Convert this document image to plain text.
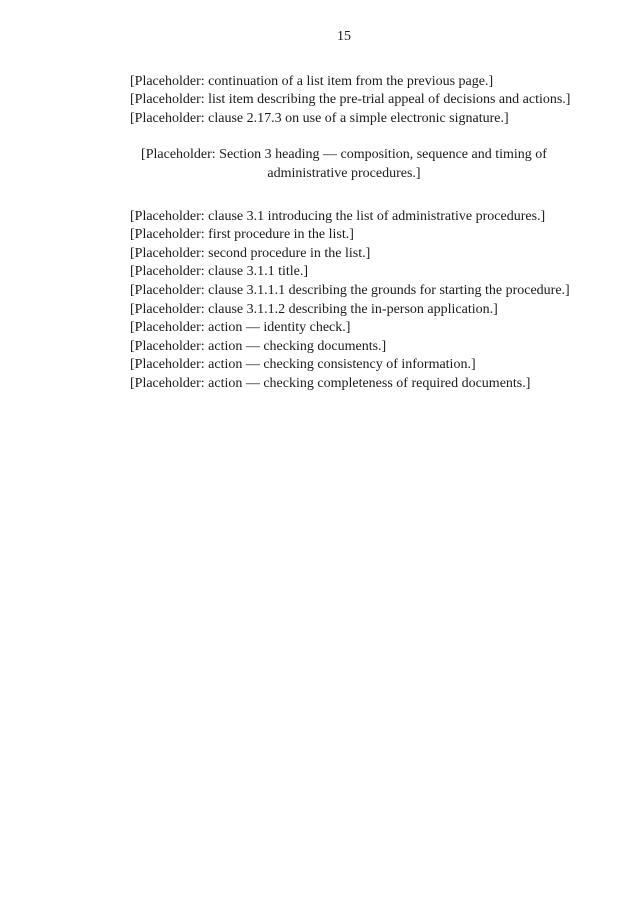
15

[Placeholder: continuation of a list item from the previous page.]

[Placeholder: list item describing the pre-trial appeal of decisions and actions.]

[Placeholder: clause 2.17.3 on use of a simple electronic signature.]

[Placeholder: Section 3 heading — composition, sequence and timing of administrative procedures.]

[Placeholder: clause 3.1 introducing the list of administrative procedures.]

[Placeholder: first procedure in the list.]

[Placeholder: second procedure in the list.]

[Placeholder: clause 3.1.1 title.]

[Placeholder: clause 3.1.1.1 describing the grounds for starting the procedure.]

[Placeholder: clause 3.1.1.2 describing the in-person application.]

[Placeholder: action — identity check.]

[Placeholder: action — checking documents.]

[Placeholder: action — checking consistency of information.]

[Placeholder: action — checking completeness of required documents.]
